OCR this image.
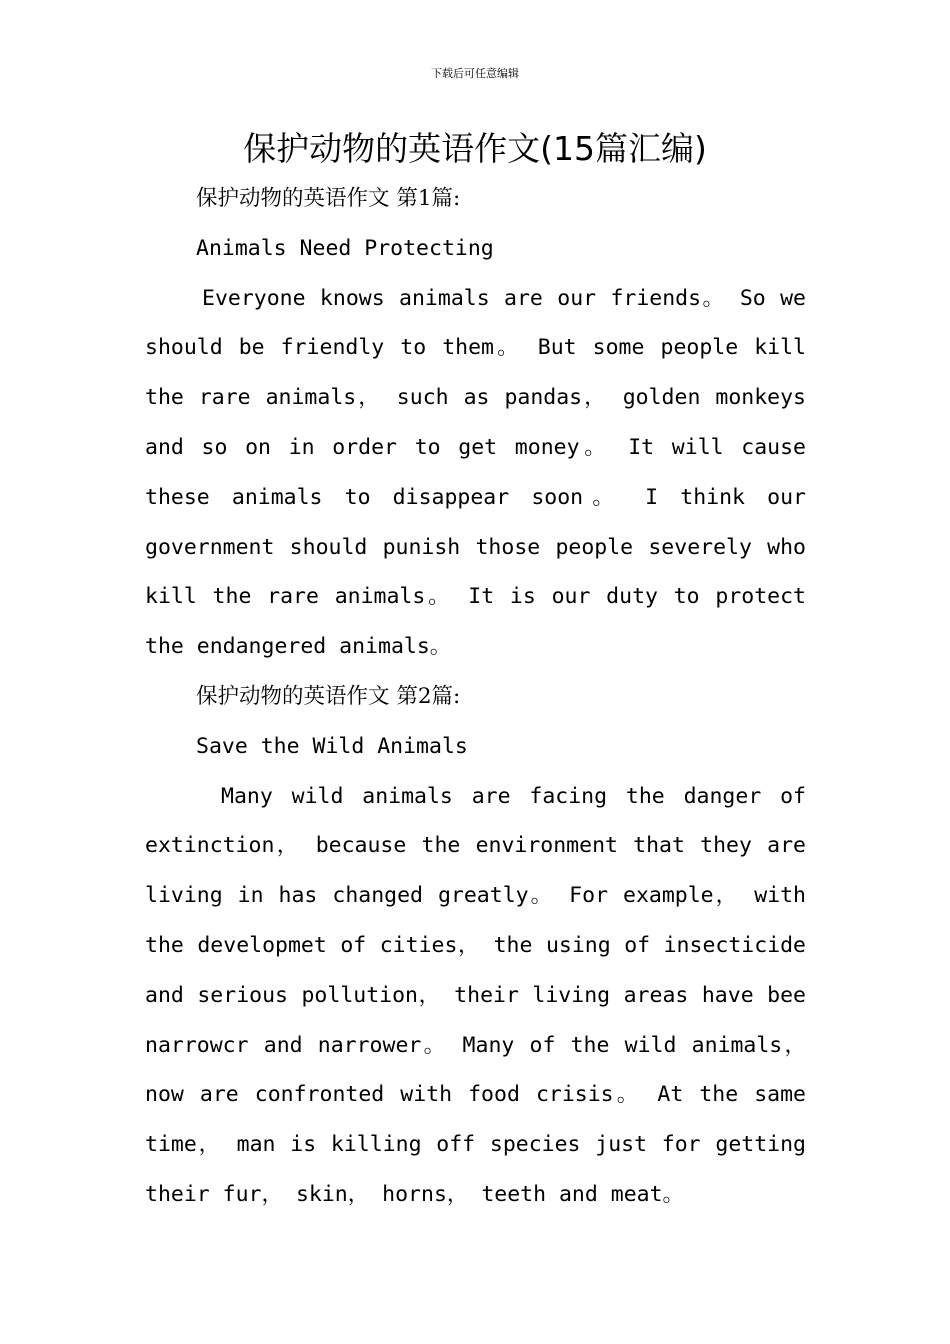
下载后可任意编辑
保护动物的英语作文(15篇汇编)
保护动物的英语作文 第1篇:
Animals Need Protecting
Everyone knows animals are our friends。 So we
should be friendly to them。 But some people kill
the rare animals， such as pandas， golden monkeys
and so on in order to get money。 It will cause
these animals to disappear soon。 I think our
government should punish those people severely who
kill the rare animals。 It is our duty to protect
the endangered animals。
保护动物的英语作文 第2篇:
Save the Wild Animals
Many wild animals are facing the danger of
extinction， because the environment that they are
living in has changed greatly。 For example， with
the developmet of cities， the using of insecticide
and serious pollution， their living areas have bee
narrowcr and narrower。 Many of the wild animals，
now are confronted with food crisis。 At the same
time， man is killing off species just for getting
their fur， skin， horns， teeth and meat。
